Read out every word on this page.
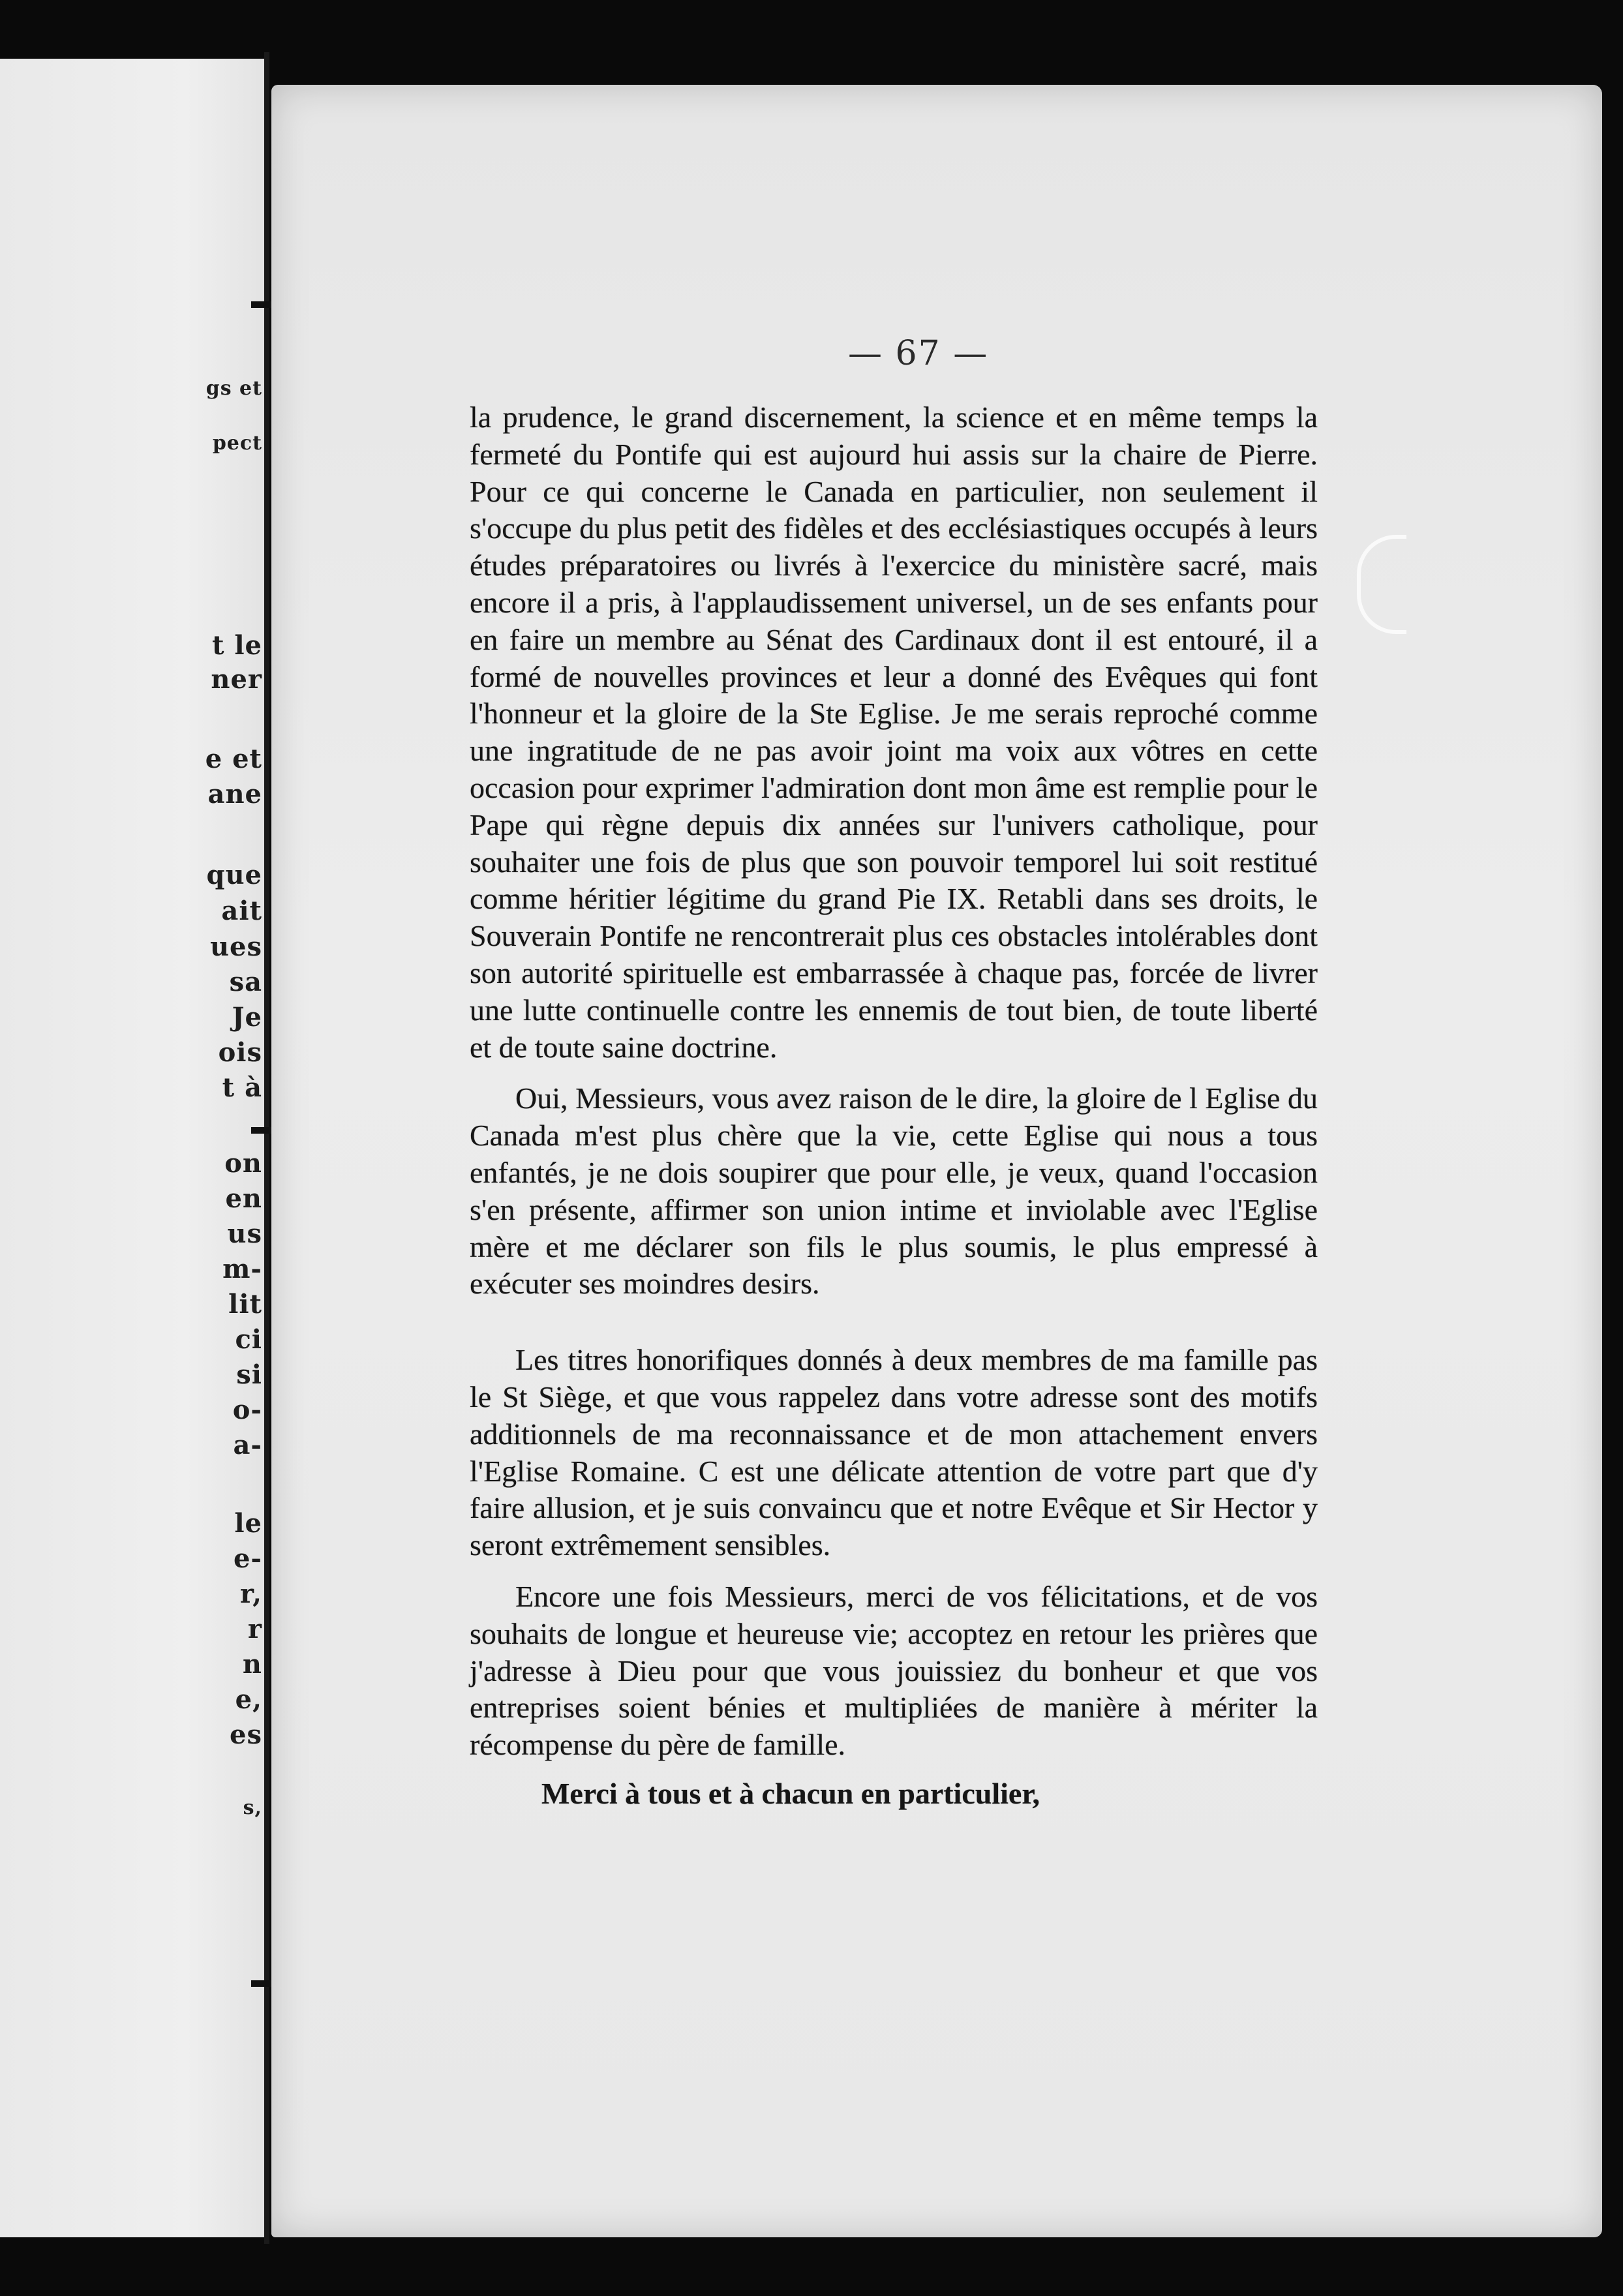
gs et
pect
t le
ner
e et
ane
que
ait
ues
sa
Je
ois
t à
on
en
us
m-
lit
ci
si
o-
a-
le
e-
r,
r
n
e,
es
s,
— 67 —

la prudence, le grand discernement, la science et en même temps la fermeté du Pontife qui est aujourd hui assis sur la chaire de Pierre. Pour ce qui concerne le Canada en particulier, non seulement il s'occupe du plus petit des fidèles et des ecclésiastiques occupés à leurs études préparatoires ou livrés à l'exercice du ministère sacré, mais encore il a pris, à l'applaudissement universel, un de ses enfants pour en faire un membre au Sénat des Cardinaux dont il est entouré, il a formé de nouvelles provinces et leur a donné des Evêques qui font l'honneur et la gloire de la Ste Eglise. Je me serais reproché comme une ingratitude de ne pas avoir joint ma voix aux vôtres en cette occasion pour exprimer l'admiration dont mon âme est remplie pour le Pape qui règne depuis dix années sur l'univers catholique, pour souhaiter une fois de plus que son pouvoir temporel lui soit restitué comme héritier légitime du grand Pie IX. Retabli dans ses droits, le Souverain Pontife ne rencontrerait plus ces obstacles intolérables dont son autorité spirituelle est embarrassée à chaque pas, forcée de livrer une lutte continuelle contre les ennemis de tout bien, de toute liberté et de toute saine doctrine.

Oui, Messieurs, vous avez raison de le dire, la gloire de l Eglise du Canada m'est plus chère que la vie, cette Eglise qui nous a tous enfantés, je ne dois soupirer que pour elle, je veux, quand l'occasion s'en présente, affirmer son union intime et inviolable avec l'Eglise mère et me déclarer son fils le plus soumis, le plus empressé à exécuter ses moindres desirs.

Les titres honorifiques donnés à deux membres de ma famille pas le St Siège, et que vous rappelez dans votre adresse sont des motifs additionnels de ma reconnaissance et de mon attachement envers l'Eglise Romaine. C est une délicate attention de votre part que d'y faire allusion, et je suis convaincu que et notre Evêque et Sir Hector y seront extrêmement sensibles.

Encore une fois Messieurs, merci de vos félicitations, et de vos souhaits de longue et heureuse vie; accoptez en retour les prières que j'adresse à Dieu pour que vous jouissiez du bonheur et que vos entreprises soient bénies et multipliées de manière à mériter la récompense du père de famille.

Merci à tous et à chacun en particulier,
